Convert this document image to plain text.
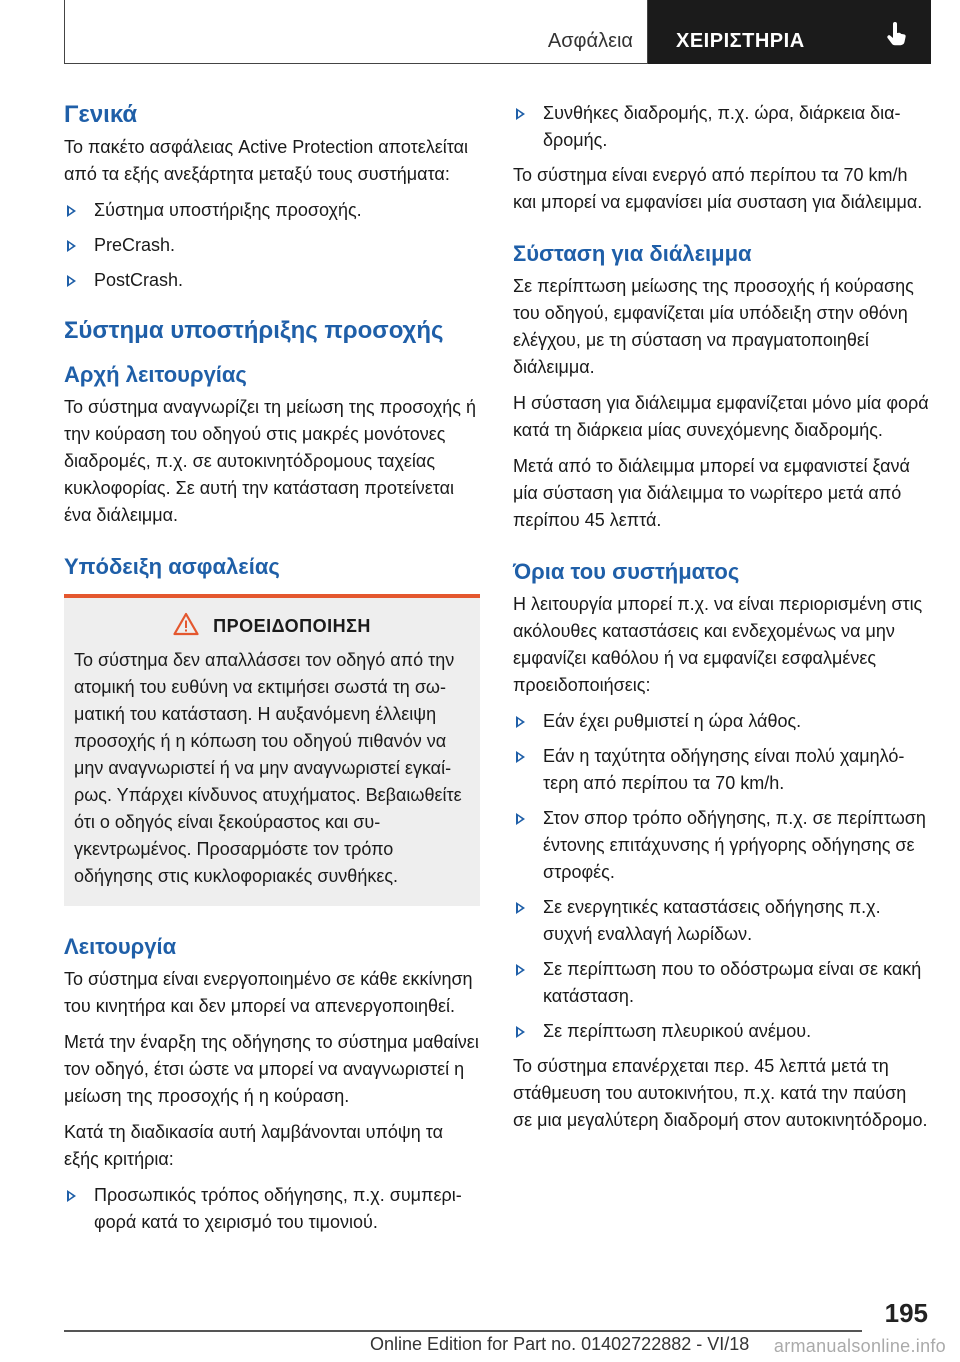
Ασφάλεια ΧΕΙΡΙΣΤΗΡΙΑ
Γενικά

Το πακέτο ασφάλειας Active Protection αποτελείται από τα εξής ανεξάρτητα μεταξύ τους συστήματα:

Σύστημα υποστήριξης προσοχής.
PreCrash.
PostCrash.
Σύστημα υποστήριξης προσοχής
Αρχή λειτουργίας

Το σύστημα αναγνωρίζει τη μείωση της προσοχής ή την κούραση του οδηγού στις μακρές μονότονες διαδρομές, π.χ. σε αυτοκινητόδρομους ταχείας κυκλοφορίας. Σε αυτή την κατάσταση προτείνεται ένα διάλειμμα.

Υπόδειξη ασφαλείας
ΠΡΟΕΙΔΟΠΟΙΗΣΗ

Το σύστημα δεν απαλλάσσει τον οδηγό από την ατομική του ευθύνη να εκτιμήσει σωστά τη σωματική του κατάσταση. Η αυξανόμενη έλλειψη προσοχής ή η κόπωση του οδηγού πιθανόν να μην αναγνωριστεί ή να μην αναγνωριστεί εγκαίρως. Υπάρχει κίνδυνος ατυχήματος. Βεβαιωθείτε ότι ο οδηγός είναι ξεκούραστος και συγκεντρωμένος. Προσαρμόστε τον τρόπο οδήγησης στις κυκλοφοριακές συνθήκες.

Λειτουργία

Το σύστημα είναι ενεργοποιημένο σε κάθε εκκίνηση του κινητήρα και δεν μπορεί να απενεργοποιηθεί.

Μετά την έναρξη της οδήγησης το σύστημα μαθαίνει τον οδηγό, έτσι ώστε να μπορεί να αναγνωριστεί η μείωση της προσοχής ή η κούραση.

Κατά τη διαδικασία αυτή λαμβάνονται υπόψη τα εξής κριτήρια:

Προσωπικός τρόπος οδήγησης, π.χ. συμπεριφορά κατά το χειρισμό του τιμονιού.
Συνθήκες διαδρομής, π.χ. ώρα, διάρκεια διαδρομής.

Το σύστημα είναι ενεργό από περίπου τα 70 km/h και μπορεί να εμφανίσει μία συσταση για διάλειμμα.

Σύσταση για διάλειμμα

Σε περίπτωση μείωσης της προσοχής ή κούρασης του οδηγού, εμφανίζεται μία υπόδειξη στην οθόνη ελέγχου, με τη σύσταση να πραγματοποιηθεί διάλειμμα.

Η σύσταση για διάλειμμα εμφανίζεται μόνο μία φορά κατά τη διάρκεια μίας συνεχόμενης διαδρομής.

Μετά από το διάλειμμα μπορεί να εμφανιστεί ξανά μία σύσταση για διάλειμμα το νωρίτερο μετά από περίπου 45 λεπτά.

Όρια του συστήματος

Η λειτουργία μπορεί π.χ. να είναι περιορισμένη στις ακόλουθες καταστάσεις και ενδεχομένως να μην εμφανίζει καθόλου ή να εμφανίζει εσφαλμένες προειδοποιήσεις:

Εάν έχει ρυθμιστεί η ώρα λάθος.
Εάν η ταχύτητα οδήγησης είναι πολύ χαμηλότερη από περίπου τα 70 km/h.
Στον σπορ τρόπο οδήγησης, π.χ. σε περίπτωση έντονης επιτάχυνσης ή γρήγορης οδήγησης σε στροφές.
Σε ενεργητικές καταστάσεις οδήγησης π.χ. συχνή εναλλαγή λωρίδων.
Σε περίπτωση που το οδόστρωμα είναι σε κακή κατάσταση.
Σε περίπτωση πλευρικού ανέμου.

Το σύστημα επανέρχεται περ. 45 λεπτά μετά τη στάθμευση του αυτοκινήτου, π.χ. κατά την παύση σε μια μεγαλύτερη διαδρομή στον αυτοκινητόδρομο.

195
Online Edition for Part no. 01402722882 - VI/18 armanualsonline.info
